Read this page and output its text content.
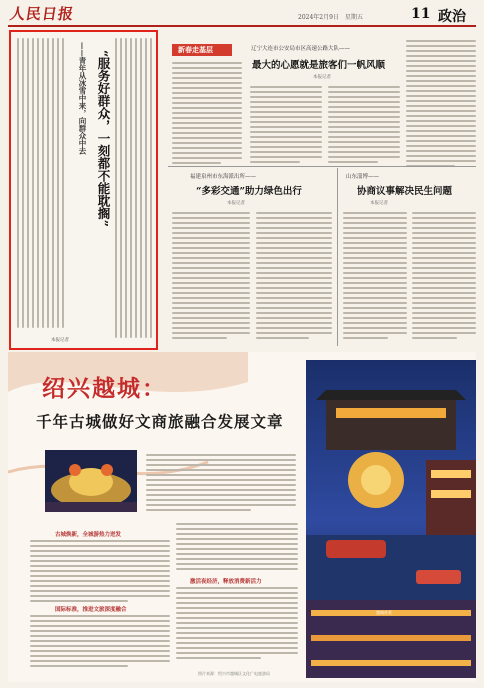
人民日报	2024年2月9日　星期五	11 政治
“服务好群众，一刻都不能耽搁”
——青年从冰雪中来，向群众中去
本报记者
新春走基层	辽宁大连市公安局市区高速公路大队——
最大的心愿就是旅客们一帆风顺
本报记者
福建泉州市东海派出所——
“多彩交通”助力绿色出行
本报记者
山东淄博——
协商议事解决民生问题
本报记者
绍兴越城：
千年古城做好文商旅融合发展文章
古城焕新，全城游热力迸发
国际标准，推进文旅深度融合
激活夜经济，释放消费新活力
越城夜景
图片来源：绍兴市越城区文化广电旅游局
